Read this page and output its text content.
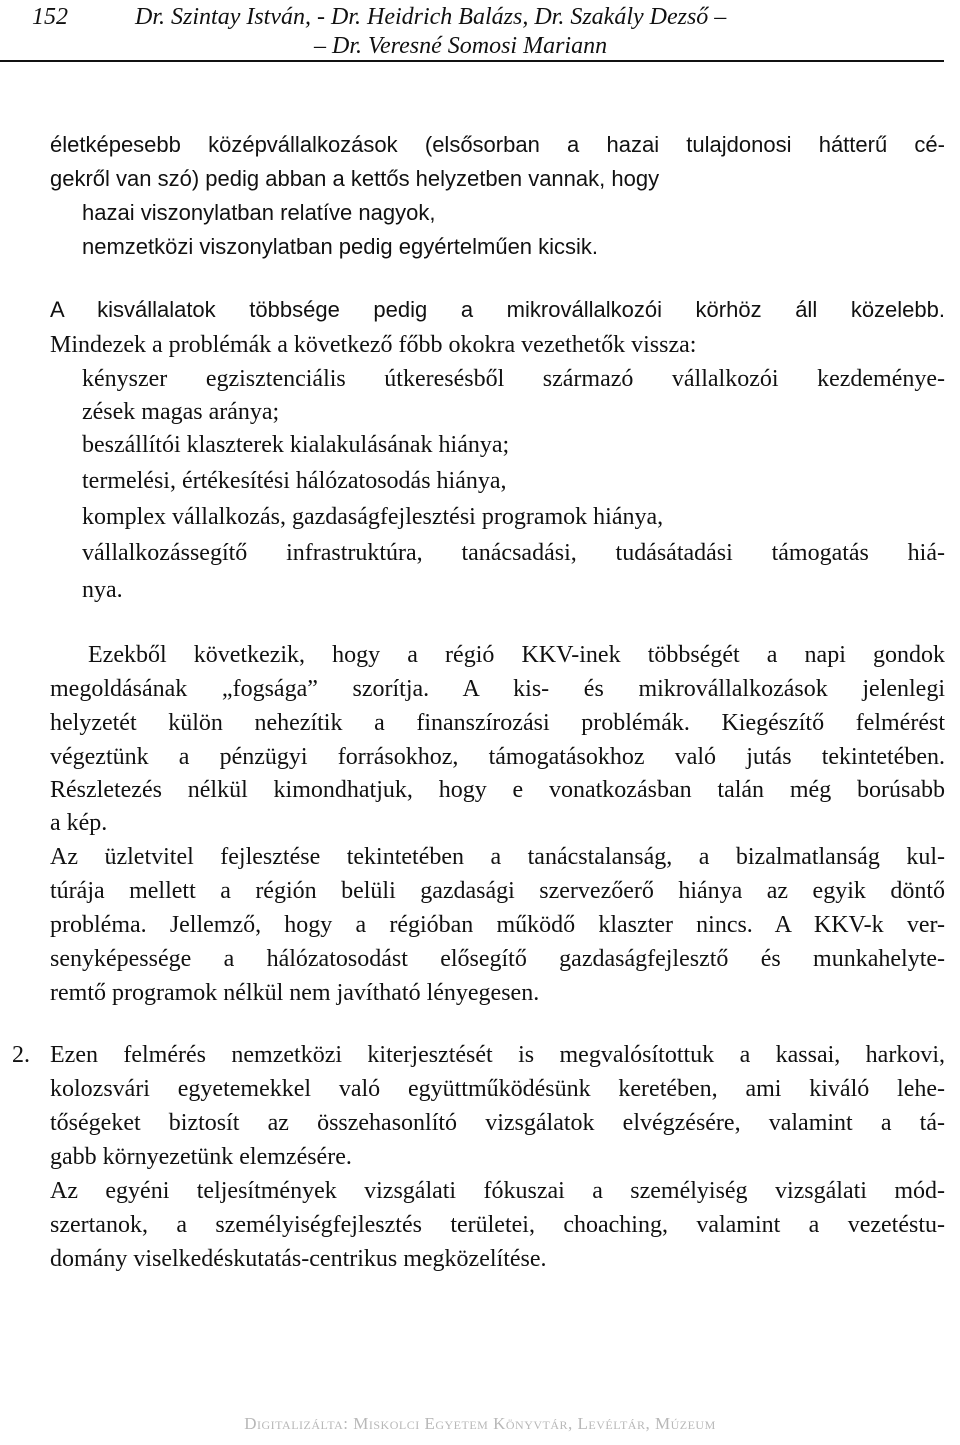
152	Dr. Szintay István, - Dr. Heidrich Balázs, Dr. Szakály Dezső –
– Dr. Veresné Somosi Mariann
életképesebb középvállalkozások (elsősorban a hazai tulajdonosi hátterű cé-
gekről van szó) pedig abban a kettős helyzetben vannak, hogy
hazai viszonylatban relatíve nagyok,
nemzetközi viszonylatban pedig egyértelműen kicsik.
A kisvállalatok többsége pedig a mikrovállalkozói körhöz áll közelebb.
Mindezek a problémák a következő főbb okokra vezethetők vissza:
kényszer egzisztenciális útkeresésből származó vállalkozói kezdeménye-
zések magas aránya;
beszállítói klaszterek kialakulásának hiánya;
termelési, értékesítési hálózatosodás hiánya,
komplex vállalkozás, gazdaságfejlesztési programok hiánya,
vállalkozássegítő infrastruktúra, tanácsadási, tudásátadási támogatás hiá-
nya.
Ezekből következik, hogy a régió KKV-inek többségét a napi gondok
megoldásának „fogsága” szorítja. A kis- és mikrovállalkozások jelenlegi
helyzetét külön nehezítik a finanszírozási problémák. Kiegészítő felmérést
végeztünk a pénzügyi forrásokhoz, támogatásokhoz való jutás tekintetében.
Részletezés nélkül kimondhatjuk, hogy e vonatkozásban talán még borúsabb
a kép.
Az üzletvitel fejlesztése tekintetében a tanácstalanság, a bizalmatlanság kul-
túrája mellett a régión belüli gazdasági szervezőerő hiánya az egyik döntő
probléma. Jellemző, hogy a régióban működő klaszter nincs. A KKV-k ver-
senyképessége a hálózatosodást elősegítő gazdaságfejlesztő és munkahelyte-
remtő programok nélkül nem javítható lényegesen.
2. Ezen felmérés nemzetközi kiterjesztését is megvalósítottuk a kassai, harkovi,
kolozsvári egyetemekkel való együttműködésünk keretében, ami kiváló lehe-
tőségeket biztosít az összehasonlító vizsgálatok elvégzésére, valamint a tá-
gabb környezetünk elemzésére.
Az egyéni teljesítmények vizsgálati fókuszai a személyiség vizsgálati mód-
szertanok, a személyiségfejlesztés területei, choaching, valamint a vezetéstu-
domány viselkedéskutatás-centrikus megközelítése.
Digitalizálta: Miskolci Egyetem Könyvtár, Levéltár, Múzeum
